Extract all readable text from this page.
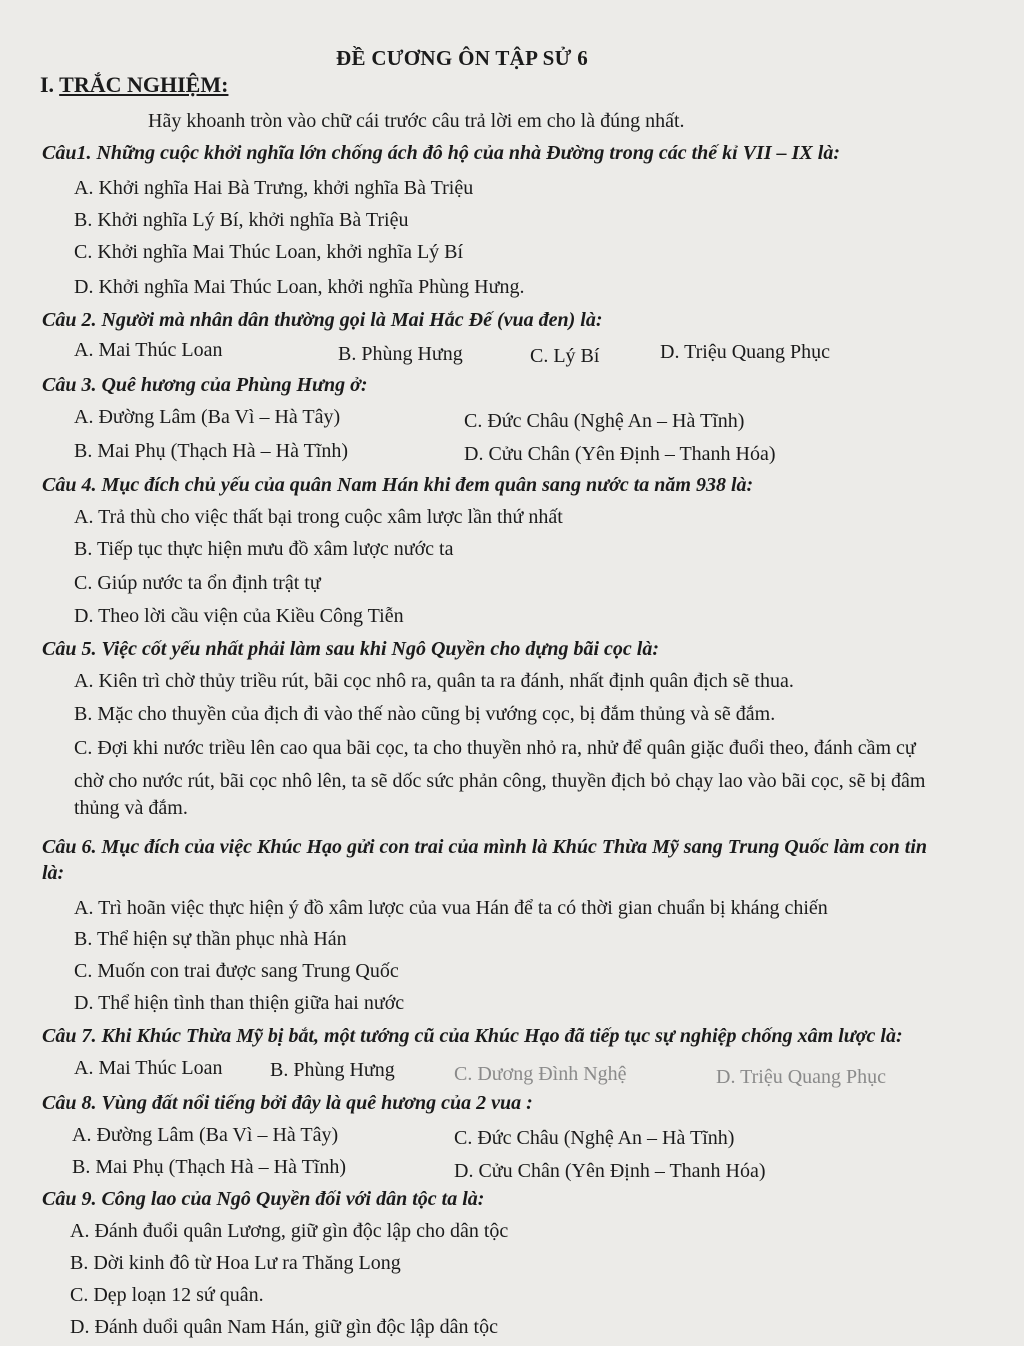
ĐỀ CƯƠNG ÔN TẬP SỬ 6
I. TRẮC NGHIỆM:
Hãy khoanh tròn vào chữ cái trước câu trả lời em cho là đúng nhất.
Câu1. Những cuộc khởi nghĩa lớn chống ách đô hộ của nhà Đường trong các thế kỉ VII – IX là:
A. Khởi nghĩa Hai Bà Trưng, khởi nghĩa Bà Triệu
B. Khởi nghĩa Lý Bí, khởi nghĩa Bà Triệu
C. Khởi nghĩa Mai Thúc Loan, khởi nghĩa Lý Bí
D. Khởi nghĩa Mai Thúc Loan, khởi nghĩa Phùng Hưng.
Câu 2. Người mà nhân dân thường gọi là Mai Hắc Đế (vua đen) là:
A. Mai Thúc Loan	B. Phùng Hưng	C. Lý Bí	D. Triệu Quang Phục
Câu 3. Quê hương của Phùng Hưng ở:
A. Đường Lâm (Ba Vì – Hà Tây)	C. Đức Châu (Nghệ An – Hà Tĩnh)
B. Mai Phụ (Thạch Hà – Hà Tĩnh)	D. Cửu Chân (Yên Định – Thanh Hóa)
Câu 4. Mục đích chủ yếu của quân Nam Hán khi đem quân sang nước ta năm 938 là:
A. Trả thù cho việc thất bại trong cuộc xâm lược lần thứ nhất
B. Tiếp tục thực hiện mưu đồ xâm lược nước ta
C. Giúp nước ta ổn định trật tự
D. Theo lời cầu viện của Kiều Công Tiễn
Câu 5. Việc cốt yếu nhất phải làm sau khi Ngô Quyền cho dựng bãi cọc là:
A. Kiên trì chờ thủy triều rút, bãi cọc nhô ra, quân ta ra đánh, nhất định quân địch sẽ thua.
B. Mặc cho thuyền của địch đi vào thế nào cũng bị vướng cọc, bị đắm thủng và sẽ đắm.
C. Đợi khi nước triều lên cao qua bãi cọc, ta cho thuyền nhỏ ra, nhử để quân giặc đuổi theo, đánh cầm cự
chờ cho nước rút, bãi cọc nhô lên, ta sẽ dốc sức phản công, thuyền địch bỏ chạy lao vào bãi cọc, sẽ bị đâm
thủng và đắm.
Câu 6. Mục đích của việc Khúc Hạo gửi con trai của mình là Khúc Thừa Mỹ sang Trung Quốc làm con tin
là:
A. Trì hoãn việc thực hiện ý đồ xâm lược của vua Hán để ta có thời gian chuẩn bị kháng chiến
B. Thể hiện sự thần phục nhà Hán
C. Muốn con trai được sang Trung Quốc
D. Thể hiện tình than thiện giữa hai nước
Câu 7. Khi Khúc Thừa Mỹ bị bắt, một tướng cũ của Khúc Hạo đã tiếp tục sự nghiệp chống xâm lược là:
A. Mai Thúc Loan B. Phùng Hưng	C. Dương Đình Nghệ	D. Triệu Quang Phục
Câu 8. Vùng đất nổi tiếng bởi đây là quê hương của 2 vua :
A. Đường Lâm (Ba Vì – Hà Tây)	C. Đức Châu (Nghệ An – Hà Tĩnh)
B. Mai Phụ (Thạch Hà – Hà Tĩnh)	D. Cửu Chân (Yên Định – Thanh Hóa)
Câu 9. Công lao của Ngô Quyền đối với dân tộc ta là:
A. Đánh đuổi quân Lương, giữ gìn độc lập cho dân tộc
B. Dời kinh đô từ Hoa Lư ra Thăng Long
C. Dẹp loạn 12 sứ quân.
D. Đánh duổi quân Nam Hán, giữ gìn độc lập dân tộc
